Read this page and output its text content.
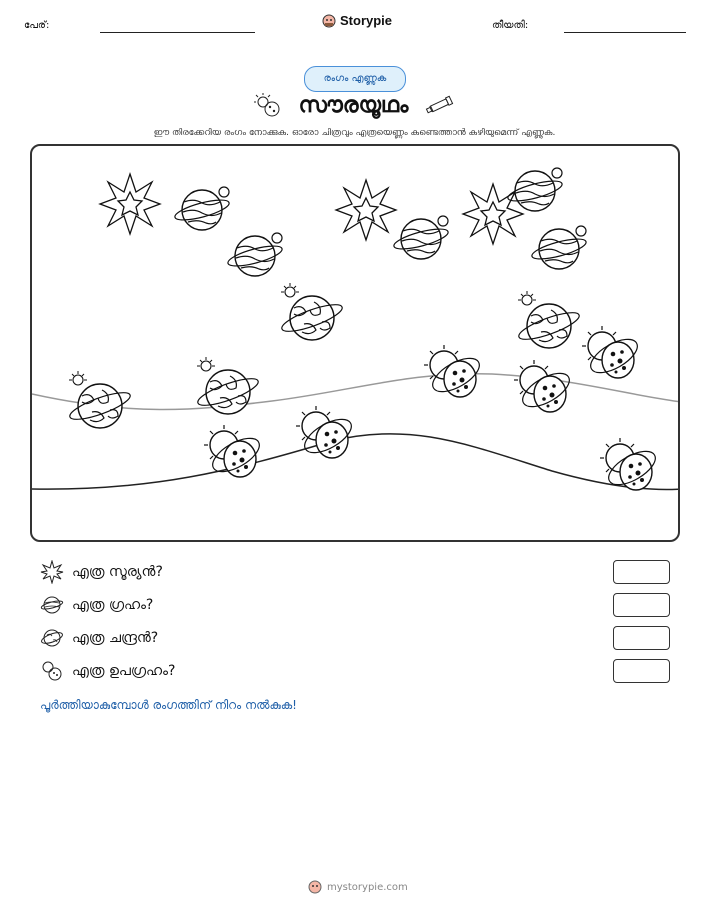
പേര്:	Storypie	തീയതി:
രംഗം എണ്ണുക
സൗരയൂഥം
ഈ തിരക്കേറിയ രംഗം നോക്കുക. ഓരോ ചിത്രവും എത്രയെണ്ണം കണ്ടെത്താൻ കഴിയുമെന്ന് എണ്ണുക.
എത്ര സൂര്യൻ?
എത്ര ഗ്രഹം?
എത്ര ചന്ദ്രൻ?
എത്ര ഉപഗ്രഹം?
പൂർത്തിയാകുമ്പോൾ രംഗത്തിന് നിറം നൽകുക!
mystorypie.com
